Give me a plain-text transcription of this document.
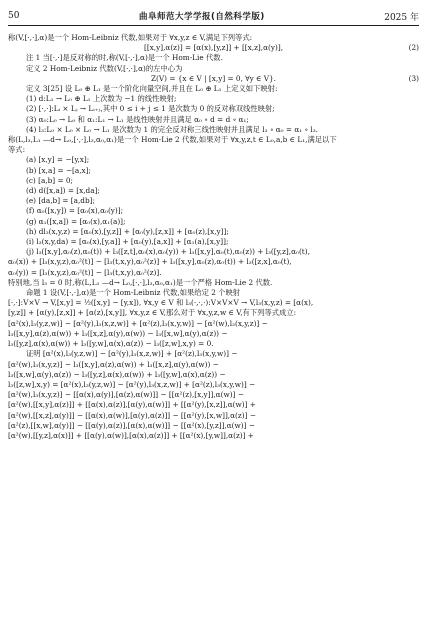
50	曲阜师范大学学报(自然科学版)	2025 年

称(V,[·,·],α)是一个 Hom-Leibniz 代数,如果对于 ∀x,y,z ∈ V,满足下列等式:

[[x,y],α(z)] = [α(x),[y,z]] + [[x,z],α(y)],	(2)

注 1 当[·,·]是反对称的时,称(V,[·,·],α)是一个 Hom-Lie 代数.

定义 2 Hom-Leibniz 代数(V,[·,·],α)的左中心为

Z(V) = {x ∈ V | [x,y] = 0, ∀y ∈ V}.	(3)

定义 3[25] 设 L₀ ⊕ L₁ 是一个阶化向量空间,并且在 L₀ ⊕ L₁ 上定义如下映射:

(1) d:L₁ → L₀ ⊕ L₁ 上次数为 −1 的线性映射;

(2) [·,·]:Lᵢ × Lⱼ → Lᵢ₊ⱼ,其中 0 ≤ i + j ≤ 1 是次数为 0 的反对称双线性映射;

(3) α₀:L₀ → L₀ 和 α₁:L₁ → L₁ 是线性映射并且满足 α₀ ∘ d = d ∘ α₁;

(4) l₃:L₀ × L₀ × L₀ → L₁ 是次数为 1 的完全反对称三线性映射并且满足 l₃ ∘ α₀ = α₁ ∘ l₃.

称(L,l₃,L₁ —d→ L₀,[·,·],l₃,α₀,α₁)是一个 Hom-Lie 2 代数,如果对于 ∀x,y,z,t ∈ L₀,a,b ∈ L₁,满足以下

等式:

(a) [x,y] = −[y,x];

(b) [x,a] = −[a,x];

(c) [a,b] = 0;

(d) d([x,a]) = [x,da];

(e) [da,b] = [a,db];

(f) α₀([x,y]) = [α₀(x),α₀(y)];

(g) α₁([x,a]) = [α₀(x),α₁(a)];

(h) dl₃(x,y,z) = [α₀(x),[y,z]] + [α₀(y),[z,x]] + [α₀(z),[x,y]];

(i) l₃(x,y,da) = [α₀(x),[y,a]] + [α₀(y),[a,x]] + [α₁(a),[x,y]];

(j) l₃([x,y],α₀(z),α₀(t)) + l₃([z,t],α₀(x),α₀(y)) + l₃([x,y],α₀(t),α₀(z)) + l₃([y,z],α₀(t),

α₀(x)) + [l₃(x,y,z),α₀²(t)] − [l₃(t,x,y),α₀²(z)] + l₃([x,y],α₀(z),α₀(t)) + l₃([z,x],α₀(t),

α₀(y)) = [l₃(x,y,z),α₀²(t)] − [l₃(t,x,y),α₀²(z)].

特别地,当 l₃ = 0 时,称(L,L₁ —d→ L₀,[·,·],l₃,α₀,α₁)是一个严格 Hom-Lie 2 代数.

命题 1 设(V,[·,·],α)是一个 Hom-Leibniz 代数,如果给定 2 个映射

[·,·]:V×V → V,[x,y] = ½([x,y] − [y,x]), ∀x,y ∈ V 和 l₃(·,·,·):V×V×V → V,l₃(x,y,z) = [α(x),

[y,z]] + [α(y),[z,x]] + [α(z),[x,y]], ∀x,y,z ∈ V,那么对于 ∀x,y,z,w ∈ V,有下列等式成立:

[α²(x),l₃(y,z,w)] − [α²(y),l₃(x,z,w)] + [α²(z),l₃(x,y,w)] − [α²(w),l₃(x,y,z)] −

l₃([x,y],α(z),α(w)) + l₃([x,z],α(y),α(w)) − l₃([x,w],α(y),α(z)) −

l₃([y,z],α(x),α(w)) + l₃([y,w],α(x),α(z)) − l₃([z,w],x,y) = 0.

证明 [α²(x),l₃(y,z,w)] − [α²(y),l₃(x,z,w)] + [α²(z),l₃(x,y,w)] −

[α²(w),l₃(x,y,z)] − l₃([x,y],α(z),α(w)) + l₃([x,z],α(y),α(w)) −

l₃([x,w],α(y),α(z)) − l₃([y,z],α(x),α(w)) + l₃([y,w],α(x),α(z)) −

l₃([z,w],x,y) = [α²(x),l₃(y,z,w)] − [α²(y),l₃(x,z,w)] + [α²(z),l₃(x,y,w)] −

[α²(w),l₃(x,y,z)] − [[α(x),α(y)],[α(z),α(w)]] − [[α²(z),[x,y]],α(w)] −

[α²(w),[[x,y],α(z)]] + [[α(x),α(z)],[α(y),α(w)]] + [[α²(y),[x,z]],α(w)] +

[α²(w),[[x,z],α(y)]] − [[α(x),α(w)],[α(y),α(z)]] − [[α²(y),[x,w]],α(z)] −

[α²(z),[[x,w],α(y)]] − [[α(y),α(z)],[α(x),α(w)]] − [[α²(x),[y,z]],α(w)] −

[α²(w),[[y,z],α(x)]] + [[α(y),α(w)],[α(x),α(z)]] + [[α²(x),[y,w]],α(z)] +
